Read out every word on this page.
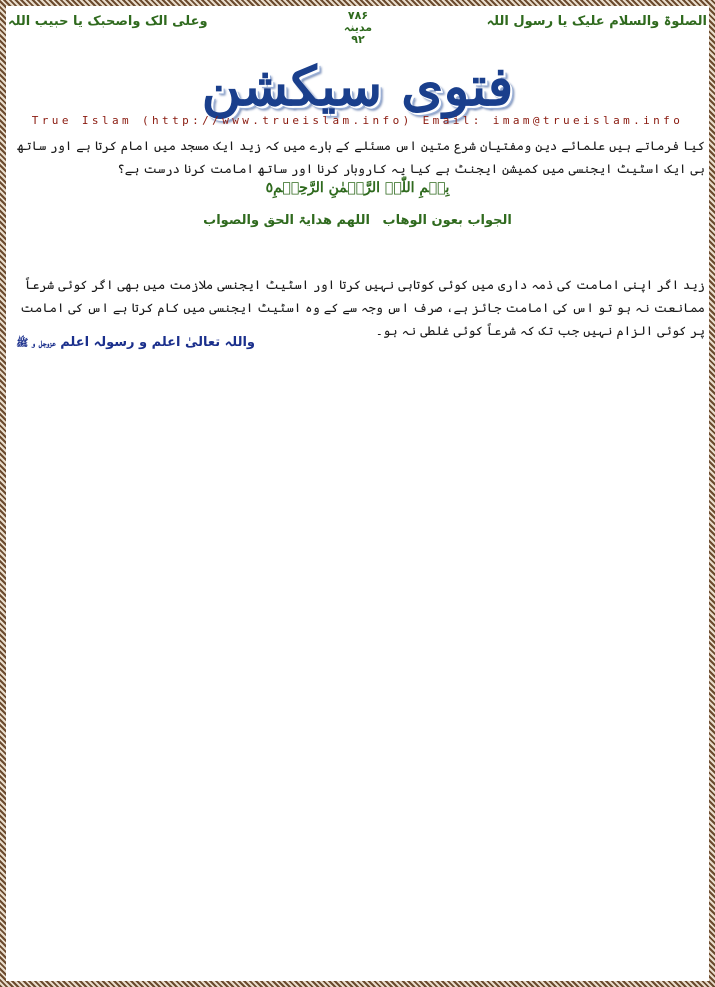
الصلوۃ والسلام علیک یا رسول اللہ
۷۸۶
مدینہ
۹۲
وعلی الک واصحبک یا حبیب اللہ
فتوی سیکشن
True Islam (http://www.trueislam.info) Email: imam@trueislam.info
کیا فرماتے ہیں علمائے دین ومفتیان شرع متین اس مسئلے کے بارے میں کہ زید ایک مسجد میں امام کرتا ہے اور ساتھ ہی ایک اسٹیٹ ایجنسی میں کمیشن ایجنٹ ہے کیا یہ کاروبار کرنا اور ساتھ امامت کرنا درست ہے؟
بِسۡمِ اللّٰہِ الرَّحۡمٰنِ الرَّحِیۡمِ٥
الجواب بعون الوھاب اللھم ھدایۃ الحق والصواب
زید اگر اپنی امامت کی ذمہ داری میں کوئی کوتاہی نہیں کرتا اور اسٹیٹ ایجنسی ملازمت میں بھی اگر کوئی شرعاً ممانعت نہ ہو تو اس کی امامت جائز ہے، صرف اس وجہ سے کے وہ اسٹیٹ ایجنسی میں کام کرتا ہے اس کی امامت پر کوئی الزام نہیں جب تک کہ شرعاً کوئی غلطی نہ ہو۔
واللہ تعالیٰ اعلم و رسولہ اعلم عزوجل و ﷺ
